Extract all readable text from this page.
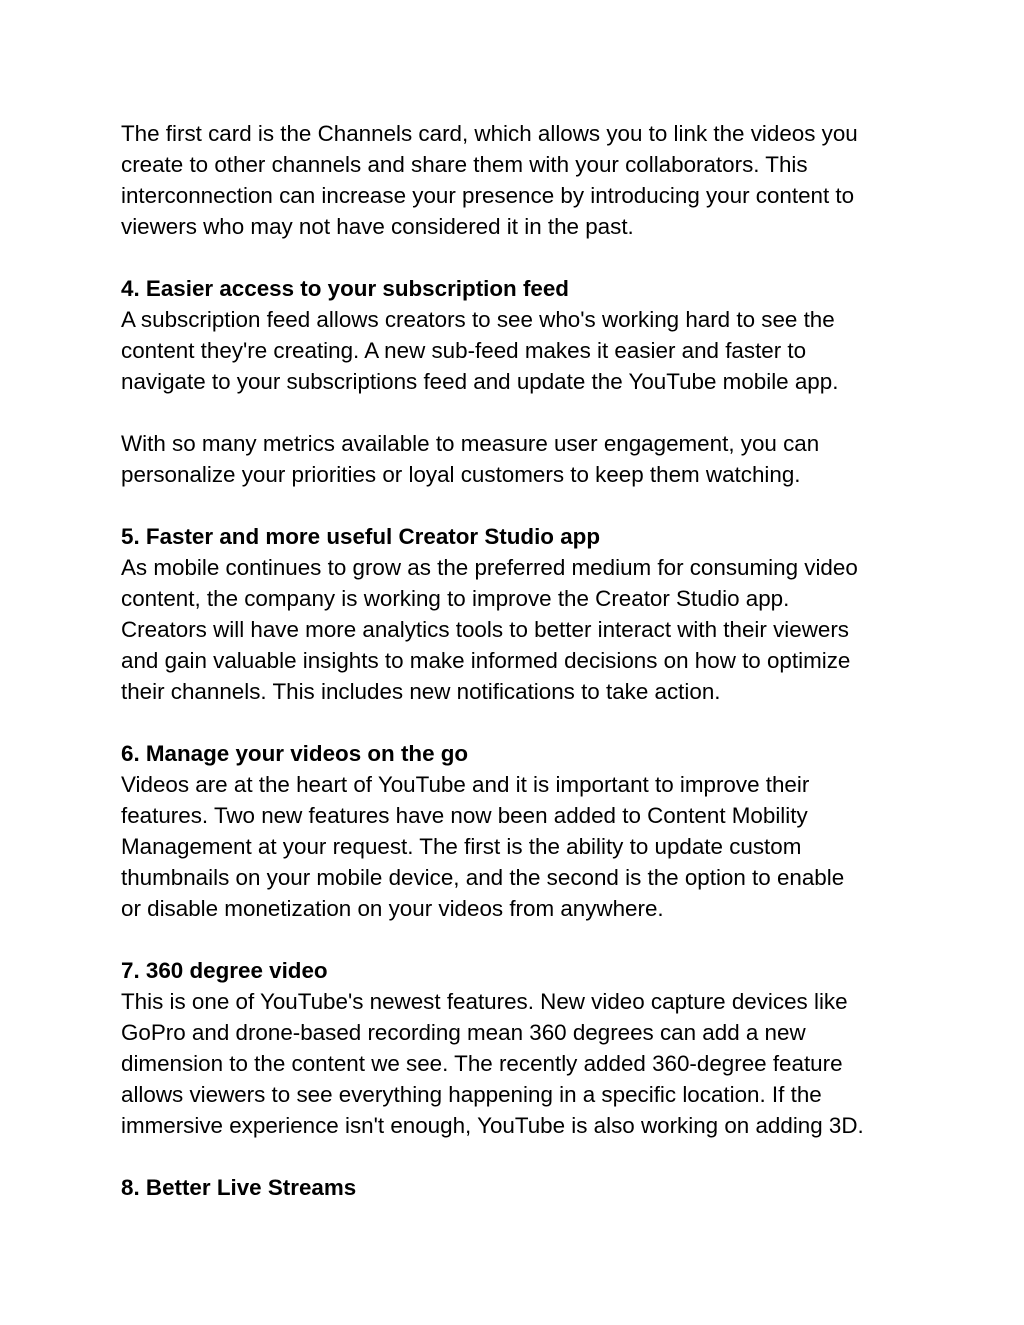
The first card is the Channels card, which allows you to link the videos you
create to other channels and share them with your collaborators. This
interconnection can increase your presence by introducing your content to
viewers who may not have considered it in the past.

4. Easier access to your subscription feed

A subscription feed allows creators to see who's working hard to see the
content they're creating. A new sub-feed makes it easier and faster to
navigate to your subscriptions feed and update the YouTube mobile app.

With so many metrics available to measure user engagement, you can
personalize your priorities or loyal customers to keep them watching.

5. Faster and more useful Creator Studio app

As mobile continues to grow as the preferred medium for consuming video
content, the company is working to improve the Creator Studio app.
Creators will have more analytics tools to better interact with their viewers
and gain valuable insights to make informed decisions on how to optimize
their channels. This includes new notifications to take action.

6. Manage your videos on the go

Videos are at the heart of YouTube and it is important to improve their
features. Two new features have now been added to Content Mobility
Management at your request. The first is the ability to update custom
thumbnails on your mobile device, and the second is the option to enable
or disable monetization on your videos from anywhere.

7. 360 degree video

This is one of YouTube's newest features. New video capture devices like
GoPro and drone-based recording mean 360 degrees can add a new
dimension to the content we see. The recently added 360-degree feature
allows viewers to see everything happening in a specific location. If the
immersive experience isn't enough, YouTube is also working on adding 3D.

8. Better Live Streams
